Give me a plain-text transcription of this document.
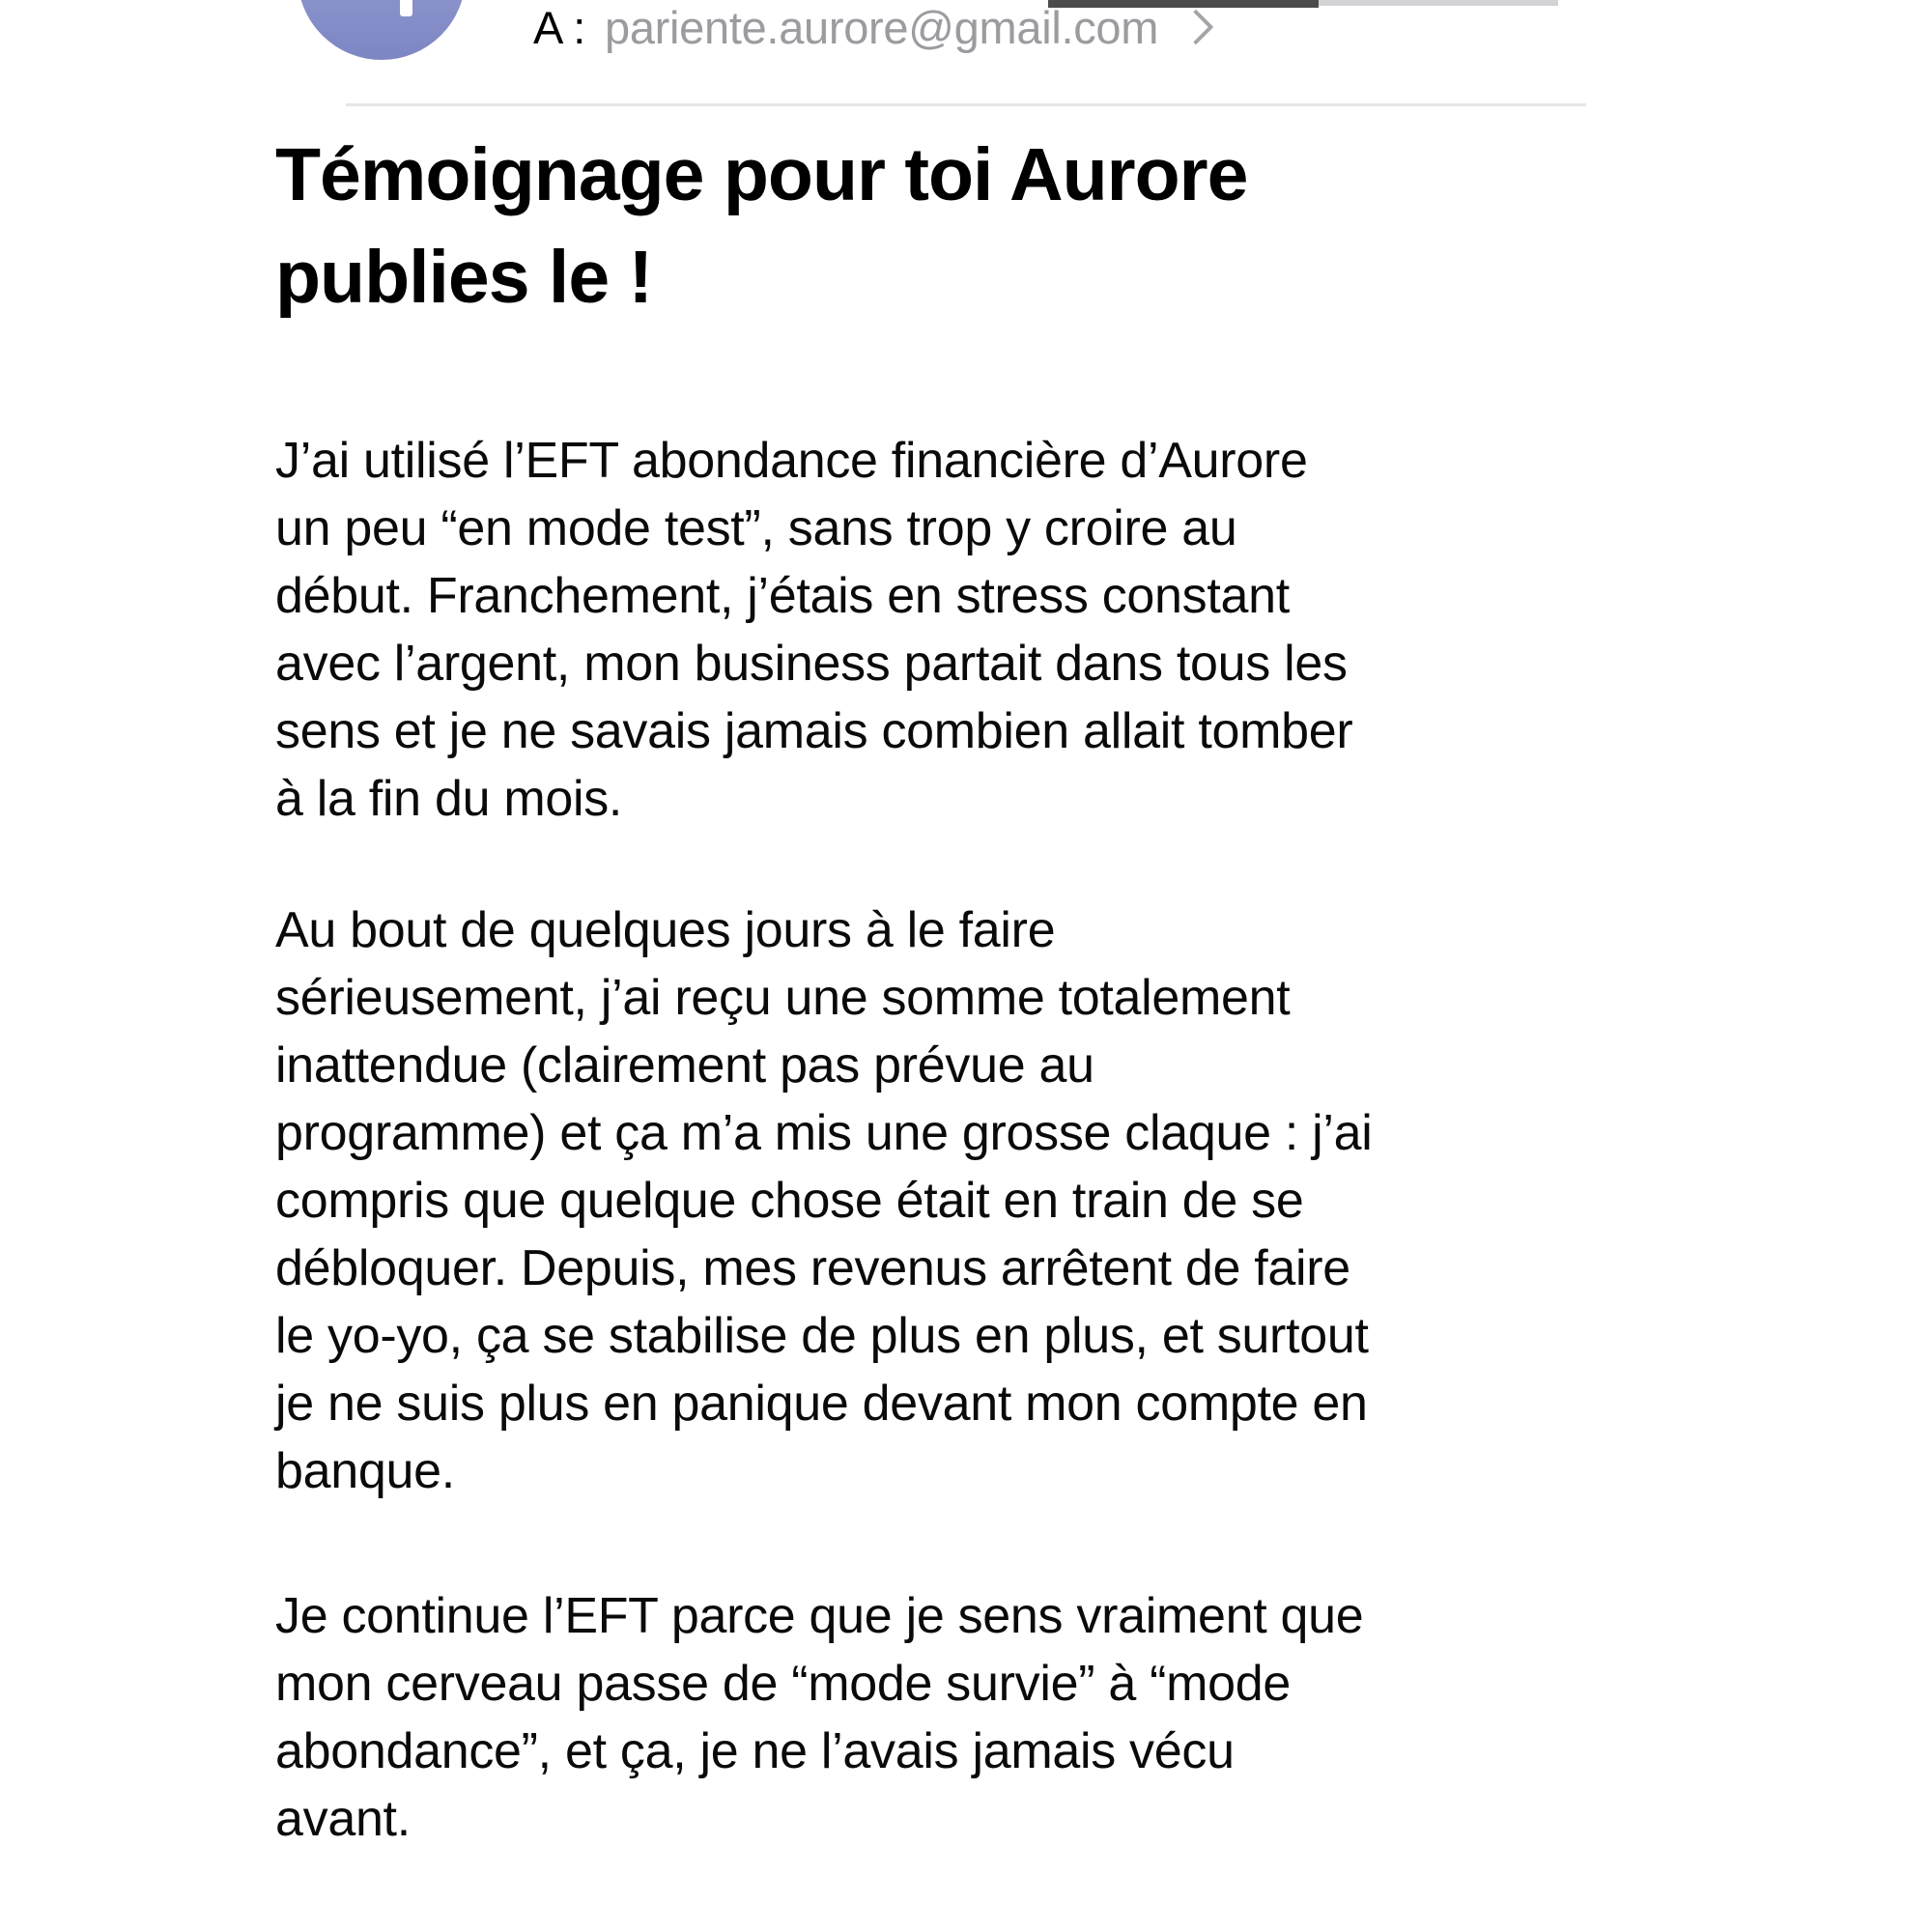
A : pariente.aurore@gmail.com
Témoignage pour toi Aurore
publies le !
J’ai utilisé l’EFT abondance financière d’Aurore
un peu “en mode test”, sans trop y croire au
début. Franchement, j’étais en stress constant
avec l’argent, mon business partait dans tous les
sens et je ne savais jamais combien allait tomber
à la fin du mois.
Au bout de quelques jours à le faire
sérieusement, j’ai reçu une somme totalement
inattendue (clairement pas prévue au
programme) et ça m’a mis une grosse claque : j’ai
compris que quelque chose était en train de se
débloquer. Depuis, mes revenus arrêtent de faire
le yo-yo, ça se stabilise de plus en plus, et surtout
je ne suis plus en panique devant mon compte en
banque.
Je continue l’EFT parce que je sens vraiment que
mon cerveau passe de “mode survie” à “mode
abondance”, et ça, je ne l’avais jamais vécu
avant.
